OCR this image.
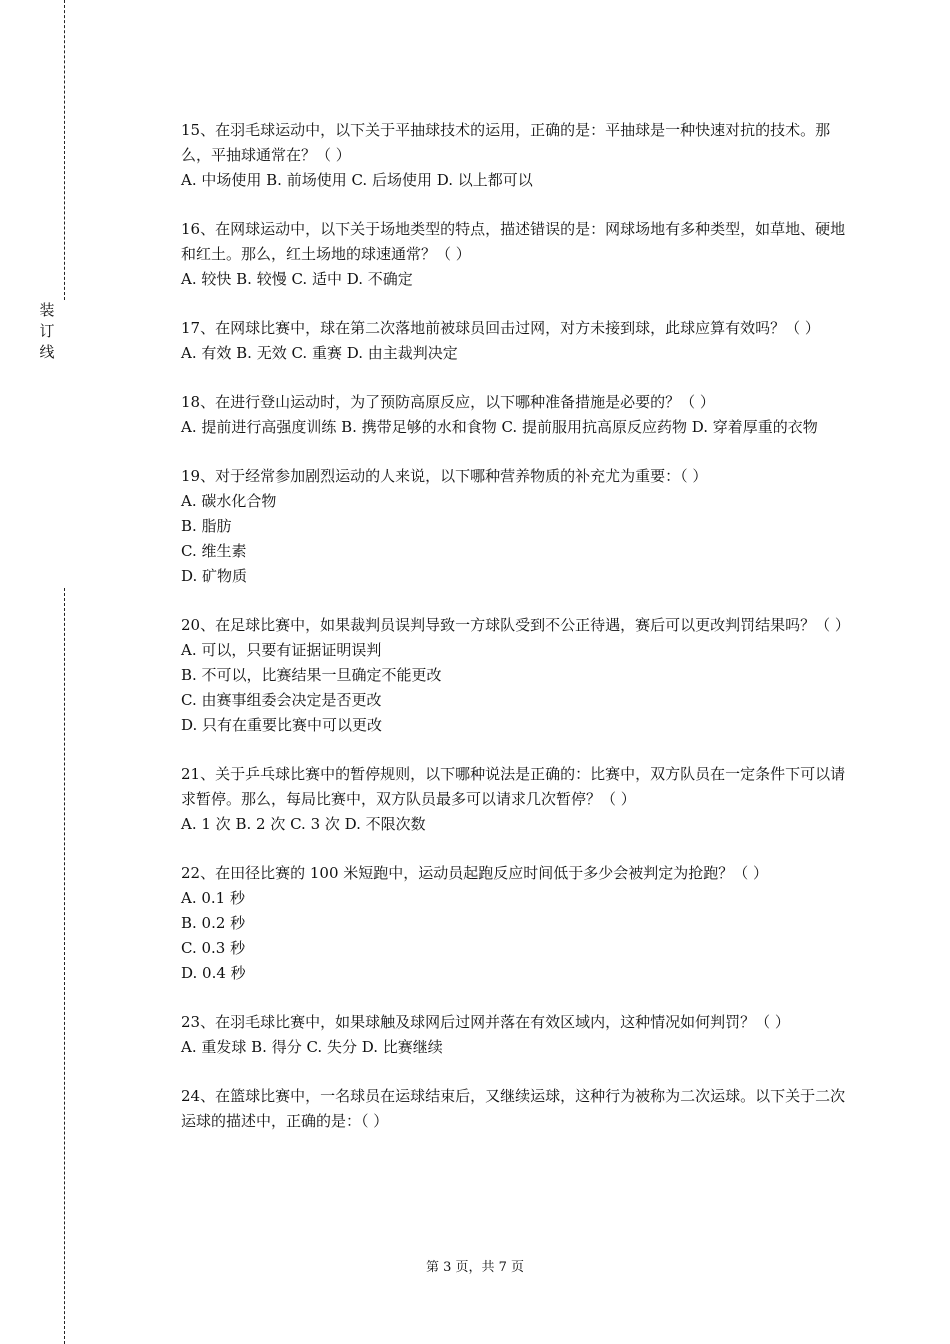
装
订
线

15、在羽毛球运动中，以下关于平抽球技术的运用，正确的是：平抽球是一种快速对抗的技术。那么，平抽球通常在？（ ）

A. 中场使用 B. 前场使用 C. 后场使用 D. 以上都可以

16、在网球运动中，以下关于场地类型的特点，描述错误的是：网球场地有多种类型，如草地、硬地和红土。那么，红土场地的球速通常？（ ）

A. 较快 B. 较慢 C. 适中 D. 不确定

17、在网球比赛中，球在第二次落地前被球员回击过网，对方未接到球，此球应算有效吗？（ ）

A. 有效 B. 无效 C. 重赛 D. 由主裁判决定

18、在进行登山运动时，为了预防高原反应，以下哪种准备措施是必要的？（ ）

A. 提前进行高强度训练 B. 携带足够的水和食物 C. 提前服用抗高原反应药物 D. 穿着厚重的衣物

19、对于经常参加剧烈运动的人来说，以下哪种营养物质的补充尤为重要：（ ）

A. 碳水化合物

B. 脂肪

C. 维生素

D. 矿物质

20、在足球比赛中，如果裁判员误判导致一方球队受到不公正待遇，赛后可以更改判罚结果吗？（ ）

A. 可以，只要有证据证明误判

B. 不可以，比赛结果一旦确定不能更改

C. 由赛事组委会决定是否更改

D. 只有在重要比赛中可以更改

21、关于乒乓球比赛中的暂停规则，以下哪种说法是正确的：比赛中，双方队员在一定条件下可以请求暂停。那么，每局比赛中，双方队员最多可以请求几次暂停？（ ）

A. 1 次 B. 2 次 C. 3 次 D. 不限次数

22、在田径比赛的 100 米短跑中，运动员起跑反应时间低于多少会被判定为抢跑？（ ）

A. 0.1 秒

B. 0.2 秒

C. 0.3 秒

D. 0.4 秒

23、在羽毛球比赛中，如果球触及球网后过网并落在有效区域内，这种情况如何判罚？（ ）

A. 重发球 B. 得分 C. 失分 D. 比赛继续

24、在篮球比赛中，一名球员在运球结束后，又继续运球，这种行为被称为二次运球。以下关于二次运球的描述中，正确的是：（ ）

第 3 页，共 7 页
